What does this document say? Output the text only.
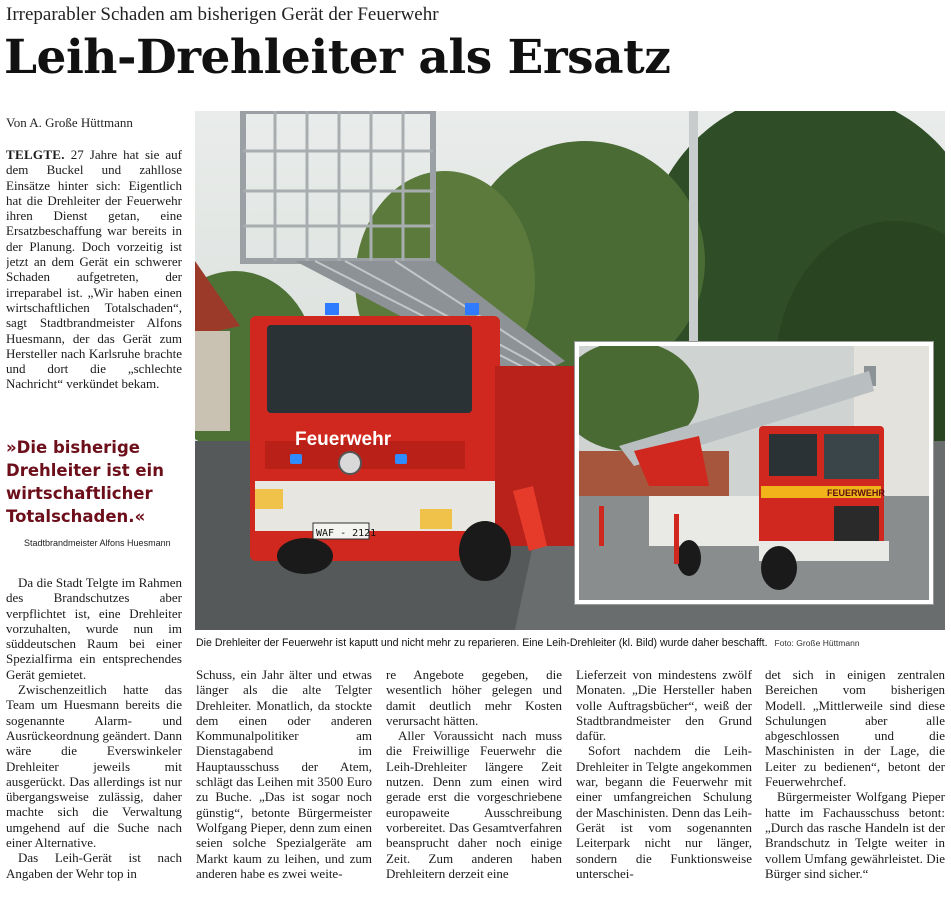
Irreparabler Schaden am bisherigen Gerät der Feuerwehr
Leih-Drehleiter als Ersatz
Von A. Große Hüttmann

TELGTE. 27 Jahre hat sie auf dem Buckel und zahllose Einsätze hinter sich: Eigentlich hat die Drehleiter der Feuerwehr ihren Dienst getan, eine Ersatzbeschaffung war bereits in der Planung. Doch vorzeitig ist jetzt an dem Gerät ein schwerer Schaden aufgetreten, der irreparabel ist. „Wir haben einen wirtschaftlichen Totalschaden“, sagt Stadtbrandmeister Alfons Huesmann, der das Gerät zum Hersteller nach Karlsruhe brachte und dort die „schlechte Nachricht“ verkündet bekam.

»Die bisherige Drehleiter ist ein wirtschaftlicher Totalschaden.«
Stadtbrandmeister Alfons Huesmann

Da die Stadt Telgte im Rahmen des Brandschutzes aber verpflichtet ist, eine Drehleiter vorzuhalten, wurde nun im süddeutschen Raum bei einer Spezialfirma ein entsprechendes Gerät gemietet.

Zwischenzeitlich hatte das Team um Huesmann bereits die sogenannte Alarm- und Ausrückeordnung geändert. Dann wäre die Everswinkeler Drehleiter jeweils mit ausgerückt. Das allerdings ist nur übergangsweise zulässig, daher machte sich die Verwaltung umgehend auf die Suche nach einer Alternative.

Das Leih-Gerät ist nach Angaben der Wehr top in

Feuerwehr
WAF - 2121
FEUERWEHR
Die Drehleiter der Feuerwehr ist kaputt und nicht mehr zu reparieren. Eine Leih-Drehleiter (kl. Bild) wurde daher beschafft. Foto: Große Hüttmann

Schuss, ein Jahr älter und etwas länger als die alte Telgter Drehleiter. Monatlich, da stockte dem einen oder anderen Kommunalpolitiker am Dienstagabend im Hauptausschuss der Atem, schlägt das Leihen mit 3500 Euro zu Buche. „Das ist sogar noch günstig“, betonte Bürgermeister Wolfgang Pieper, denn zum einen seien solche Spezialgeräte am Markt kaum zu leihen, und zum anderen habe es zwei weite-

re Angebote gegeben, die wesentlich höher gelegen und damit deutlich mehr Kosten verursacht hätten.

Aller Voraussicht nach muss die Freiwillige Feuerwehr die Leih-Drehleiter längere Zeit nutzen. Denn zum einen wird gerade erst die vorgeschriebene europaweite Ausschreibung vorbereitet. Das Gesamtverfahren beansprucht daher noch einige Zeit. Zum anderen haben Drehleitern derzeit eine

Lieferzeit von mindestens zwölf Monaten. „Die Hersteller haben volle Auftragsbücher“, weiß der Stadtbrandmeister den Grund dafür.

Sofort nachdem die Leih-Drehleiter in Telgte angekommen war, begann die Feuerwehr mit einer umfangreichen Schulung der Maschinisten. Denn das Leih-Gerät ist vom sogenannten Leiterpark nicht nur länger, sondern die Funktionsweise unterschei-

det sich in einigen zentralen Bereichen vom bisherigen Modell. „Mittlerweile sind diese Schulungen aber alle abgeschlossen und die Maschinisten in der Lage, die Leiter zu bedienen“, betont der Feuerwehrchef.

Bürgermeister Wolfgang Pieper hatte im Fachausschuss betont: „Durch das rasche Handeln ist der Brandschutz in Telgte weiter in vollem Umfang gewährleistet. Die Bürger sind sicher.“
